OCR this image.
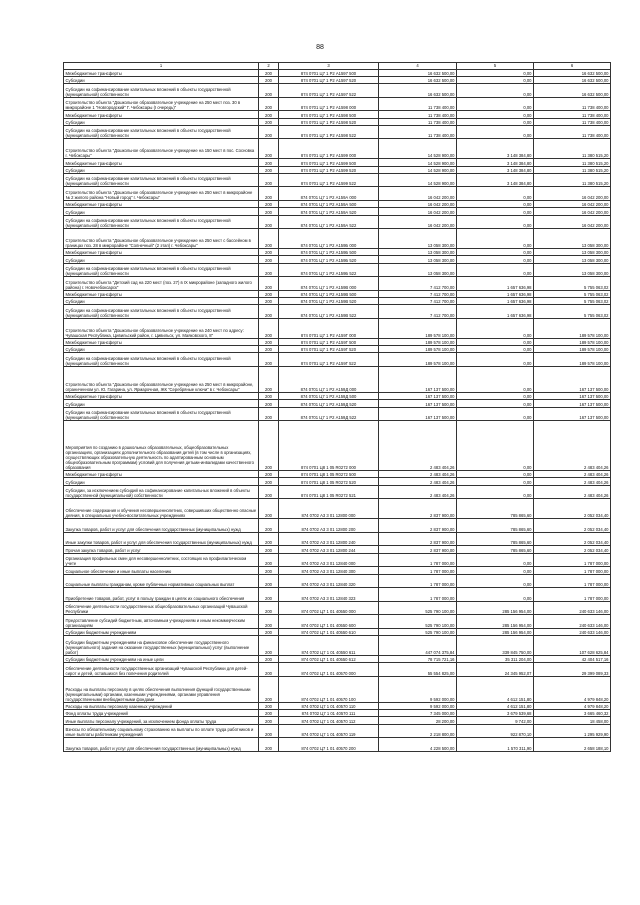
88
1	2	3	4	5	6
Межбюджетные трансферты	200	874 0701 Ц7 1 Р2 А1597 500	16 632 500,00	0,00	16 632 500,00
Субсидии	200	874 0701 Ц7 1 Р2 А1597 520	16 632 500,00	0,00	16 632 500,00
Субсидии на софинансирование капитальных вложений в объекты государственной (муниципальной) собственности	200	874 0701 Ц7 1 Р2 А1597 522	16 632 500,00	0,00	16 632 500,00
Строительство объекта "Дошкольное образовательное учреждение на 250 мест поз. 30 в микрорайоне 1 "Новгородский" Г. Чебоксары (I очередь)"	200	874 0701 Ц7 1 Р2 А1598 000	11 738 400,00	0,00	11 738 400,00
Межбюджетные трансферты	200	874 0701 Ц7 1 Р2 А1598 500	11 738 400,00	0,00	11 738 400,00
Субсидии	200	874 0701 Ц7 1 Р2 А1598 520	11 738 400,00	0,00	11 738 400,00
Субсидии на софинансирование капитальных вложений в объекты государственной (муниципальной) собственности	200	874 0701 Ц7 1 Р2 А1598 522	11 738 400,00	0,00	11 738 400,00
Строительство объекта "Дошкольное образовательное учреждение на 150 мест в пос. Сосновка г. Чебоксары"	200	874 0701 Ц7 1 Р2 А1599 000	14 528 900,00	3 148 384,80	11 380 515,20
Межбюджетные трансферты	200	874 0701 Ц7 1 Р2 А1599 500	14 528 900,00	3 148 384,80	11 380 515,20
Субсидии	200	874 0701 Ц7 1 Р2 А1599 520	14 528 900,00	3 148 384,80	11 380 515,20
Субсидии на софинансирование капитальных вложений в объекты государственной (муниципальной) собственности	200	874 0701 Ц7 1 Р2 А1599 522	14 528 900,00	3 148 384,80	11 380 515,20
Строительство объекта "Дошкольное образовательное учреждение на 250 мест в микрорайоне № 2 жилого района "Новый город" г. Чебоксары"	200	874 0701 Ц7 1 Р2 А159А 000	16 042 200,00	0,00	16 042 200,00
Межбюджетные трансферты	200	874 0701 Ц7 1 Р2 А159А 500	16 042 200,00	0,00	16 042 200,00
Субсидии	200	874 0701 Ц7 1 Р2 А159А 520	16 042 200,00	0,00	16 042 200,00
Субсидии на софинансирование капитальных вложений в объекты государственной (муниципальной) собственности	200	874 0701 Ц7 1 Р2 А159А 522	16 042 200,00	0,00	16 042 200,00
Строительство объекта "Дошкольное образовательное учреждение на 250 мест с бассейном в границах поз. 28 в микрорайоне "Солнечный" (2 этап) г. Чебоксары"	200	874 0701 Ц7 1 Р2 А159Б 000	13 058 300,00	0,00	13 058 300,00
Межбюджетные трансферты	200	874 0701 Ц7 1 Р2 А159Б 500	13 058 300,00	0,00	13 058 300,00
Субсидии	200	874 0701 Ц7 1 Р2 А159Б 520	13 058 300,00	0,00	13 058 300,00
Субсидии на софинансирование капитальных вложений в объекты государственной (муниципальной) собственности	200	874 0701 Ц7 1 Р2 А159Б 522	13 058 300,00	0,00	13 058 300,00
Строительство объекта "Детский сад на 220 мест (поз. 27) в IX микрорайоне (западного жилого района) г. Новочебоксарск"	200	874 0701 Ц7 1 Р2 А159В 000	7 412 700,00	1 657 636,98	5 755 063,02
Межбюджетные трансферты	200	874 0701 Ц7 1 Р2 А159В 500	7 412 700,00	1 657 636,98	5 755 063,02
Субсидии	200	874 0701 Ц7 1 Р2 А159В 520	7 412 700,00	1 657 636,98	5 755 063,02
Субсидии на софинансирование капитальных вложений в объекты государственной (муниципальной) собственности	200	874 0701 Ц7 1 Р2 А159В 522	7 412 700,00	1 657 636,98	5 755 063,02
Строительство объекта "Дошкольное образовательное учреждение на 240 мест по адресу: Чувашская Республика, Цивильский район, г. Цивильск, ул. Маяковского, 8"	200	874 0701 Ц7 1 Р2 А159Г 000	189 578 100,00	0,00	189 578 100,00
Межбюджетные трансферты	200	874 0701 Ц7 1 Р2 А159Г 500	189 578 100,00	0,00	189 578 100,00
Субсидии	200	874 0701 Ц7 1 Р2 А159Г 520	189 578 100,00	0,00	189 578 100,00
Субсидии на софинансирование капитальных вложений в объекты государственной (муниципальной) собственности	200	874 0701 Ц7 1 Р2 А159Г 522	189 578 100,00	0,00	189 578 100,00
Строительство объекта "Дошкольное образовательное учреждение на 250 мест в микрорайоне, ограниченном ул. Ю. Гагарина, ул. Ярмарочная, ЖК "Серебряные ключи" в г. Чебоксары"	200	874 0701 Ц7 1 Р2 А159Д 000	167 137 500,00	0,00	167 137 500,00
Межбюджетные трансферты	200	874 0701 Ц7 1 Р2 А159Д 500	167 137 500,00	0,00	167 137 500,00
Субсидии	200	874 0701 Ц7 1 Р2 А159Д 520	167 137 500,00	0,00	167 137 500,00
Субсидии на софинансирование капитальных вложений в объекты государственной (муниципальной) собственности	200	874 0701 Ц7 1 Р2 А159Д 522	167 137 500,00	0,00	167 137 500,00
Мероприятия по созданию в дошкольных образовательных, общеобразовательных организациях, организациях дополнительного образования детей (в том числе в организациях, осуществляющих образовательную деятельность по адаптированным основным общеобразовательным программам) условий для получения детьми-инвалидами качественного образования	200	874 0701 Ц8 1 05 R0272 000	2 483 404,26	0,00	2 483 404,26
Межбюджетные трансферты	200	874 0701 Ц8 1 05 R0272 500	2 483 404,26	0,00	2 483 404,26
Субсидии	200	874 0701 Ц8 1 05 R0272 520	2 483 404,26	0,00	2 483 404,26
Субсидии, за исключением субсидий на софинансирование капитальных вложений в объекты государственной (муниципальной) собственности	200	874 0701 Ц8 1 05 R0272 521	2 483 404,26	0,00	2 483 404,26
Обеспечение содержания и обучения несовершеннолетних, совершивших общественно опасные деяния, в специальных учебно-воспитательных учреждениях	200	874 0702 А3 3 01 12800 000	2 837 900,00	785 865,60	2 052 034,40
Закупка товаров, работ и услуг для обеспечения государственных (муниципальных) нужд	200	874 0702 А3 3 01 12800 200	2 837 900,00	785 865,60	2 052 034,40
Иные закупки товаров, работ и услуг для обеспечения государственных (муниципальных) нужд	200	874 0702 А3 3 01 12800 240	2 837 900,00	785 865,60	2 052 034,40
Прочая закупка товаров, работ и услуг	200	874 0702 А3 3 01 12800 244	2 837 900,00	785 865,60	2 052 034,40
Организация профильных смен для несовершеннолетних, состоящих на профилактическом учете	200	874 0702 А3 3 01 12840 000	1 787 000,00	0,00	1 787 000,00
Социальное обеспечение и иные выплаты населению	200	874 0702 А3 3 01 12840 300	1 787 000,00	0,00	1 787 000,00
Социальные выплаты гражданам, кроме публичных нормативных социальных выплат	200	874 0702 А3 3 01 12840 320	1 787 000,00	0,00	1 787 000,00
Приобретение товаров, работ, услуг в пользу граждан в целях их социального обеспечения	200	874 0702 А3 3 01 12840 323	1 787 000,00	0,00	1 787 000,00
Обеспечение деятельности государственных общеобразовательных организаций Чувашской Республики	200	874 0702 Ц7 1 01 40550 000	525 790 100,00	285 156 954,00	240 633 146,00
Предоставление субсидий бюджетным, автономным учреждениям и иным некоммерческим организациям	200	874 0702 Ц7 1 01 40550 600	525 790 100,00	285 156 954,00	240 633 146,00
Субсидии бюджетным учреждениям	200	874 0702 Ц7 1 01 40550 610	525 790 100,00	285 156 954,00	240 633 146,00
Субсидии бюджетным учреждениям на финансовое обеспечение государственного (муниципального) задания на оказание государственных (муниципальных) услуг (выполнение работ)	200	874 0702 Ц7 1 01 40550 611	447 074 375,84	339 845 750,00	107 628 625,84
Субсидии бюджетным учреждениям на иные цели	200	874 0702 Ц7 1 01 40550 612	78 715 721,16	35 311 204,00	42 404 517,16
Обеспечение деятельности государственных организаций Чувашской Республики для детей-сирот и детей, оставшихся без попечения родителей	200	874 0702 Ц7 1 01 40570 000	55 554 825,00	24 345 952,07	29 399 089,33
Расходы на выплаты персоналу в целях обеспечения выполнения функций государственными (муниципальными) органами, казенными учреждениями, органами управления государственными внебюджетными фондами	200	874 0702 Ц7 1 01 40570 100	9 592 000,00	4 612 151,80	4 979 848,20
Расходы на выплаты персоналу казенных учреждений	200	874 0702 Ц7 1 01 40570 110	9 592 000,00	4 612 151,80	4 979 848,20
Фонд оплаты труда учреждений	200	874 0702 Ц7 1 01 40570 111	7 345 000,00	3 679 539,68	3 665 460,32
Иные выплаты персоналу учреждений, за исключением фонда оплаты труда	200	874 0702 Ц7 1 01 40570 112	28 200,00	9 742,00	18 458,00
Взносы по обязательному социальному страхованию на выплаты по оплате труда работников и иные выплаты работникам учреждений	200	874 0702 Ц7 1 01 40570 119	2 218 800,00	922 870,10	1 295 929,90
Закупка товаров, работ и услуг для обеспечения государственных (муниципальных) нужд	200	874 0702 Ц7 1 01 40570 200	4 228 500,00	1 570 311,90	2 658 188,10
